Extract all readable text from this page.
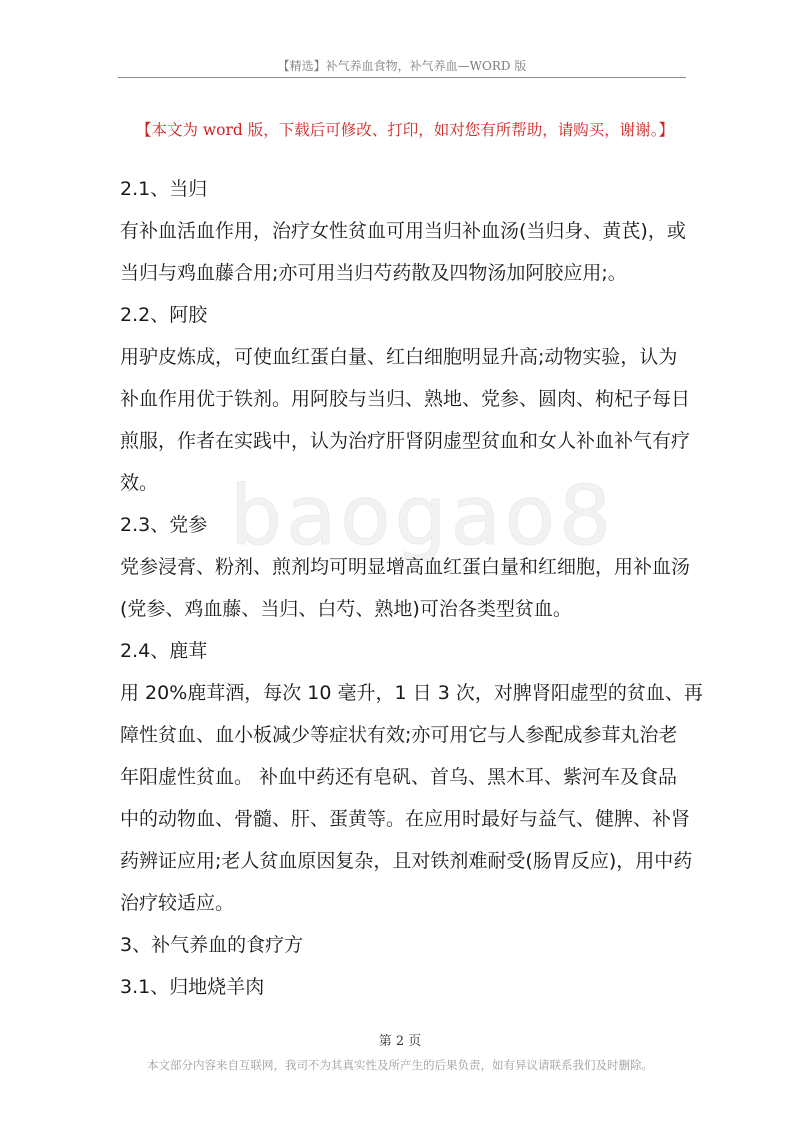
【精选】补气养血食物，补气养血—WORD 版
【本文为 word 版，下载后可修改、打印，如对您有所帮助，请购买，谢谢。】
baogao8

2.1、当归

有补血活血作用，治疗女性贫血可用当归补血汤(当归身、黄芪)，或

当归与鸡血藤合用;亦可用当归芍药散及四物汤加阿胶应用;。

2.2、阿胶

用驴皮炼成，可使血红蛋白量、红白细胞明显升高;动物实验，认为

补血作用优于铁剂。用阿胶与当归、熟地、党参、圆肉、枸杞子每日

煎服，作者在实践中，认为治疗肝肾阴虚型贫血和女人补血补气有疗

效。

2.3、党参

党参浸膏、粉剂、煎剂均可明显增高血红蛋白量和红细胞，用补血汤

(党参、鸡血藤、当归、白芍、熟地)可治各类型贫血。

2.4、鹿茸

用 20%鹿茸酒，每次 10 毫升，1 日 3 次，对脾肾阳虚型的贫血、再

障性贫血、血小板减少等症状有效;亦可用它与人参配成参茸丸治老

年阳虚性贫血。 补血中药还有皂矾、首乌、黑木耳、紫河车及食品

中的动物血、骨髓、肝、蛋黄等。在应用时最好与益气、健脾、补肾

药辨证应用;老人贫血原因复杂，且对铁剂难耐受(肠胃反应)，用中药

治疗较适应。

3、补气养血的食疗方

3.1、归地烧羊肉

第 2 页
本文部分内容来自互联网，我司不为其真实性及所产生的后果负责，如有异议请联系我们及时删除。
